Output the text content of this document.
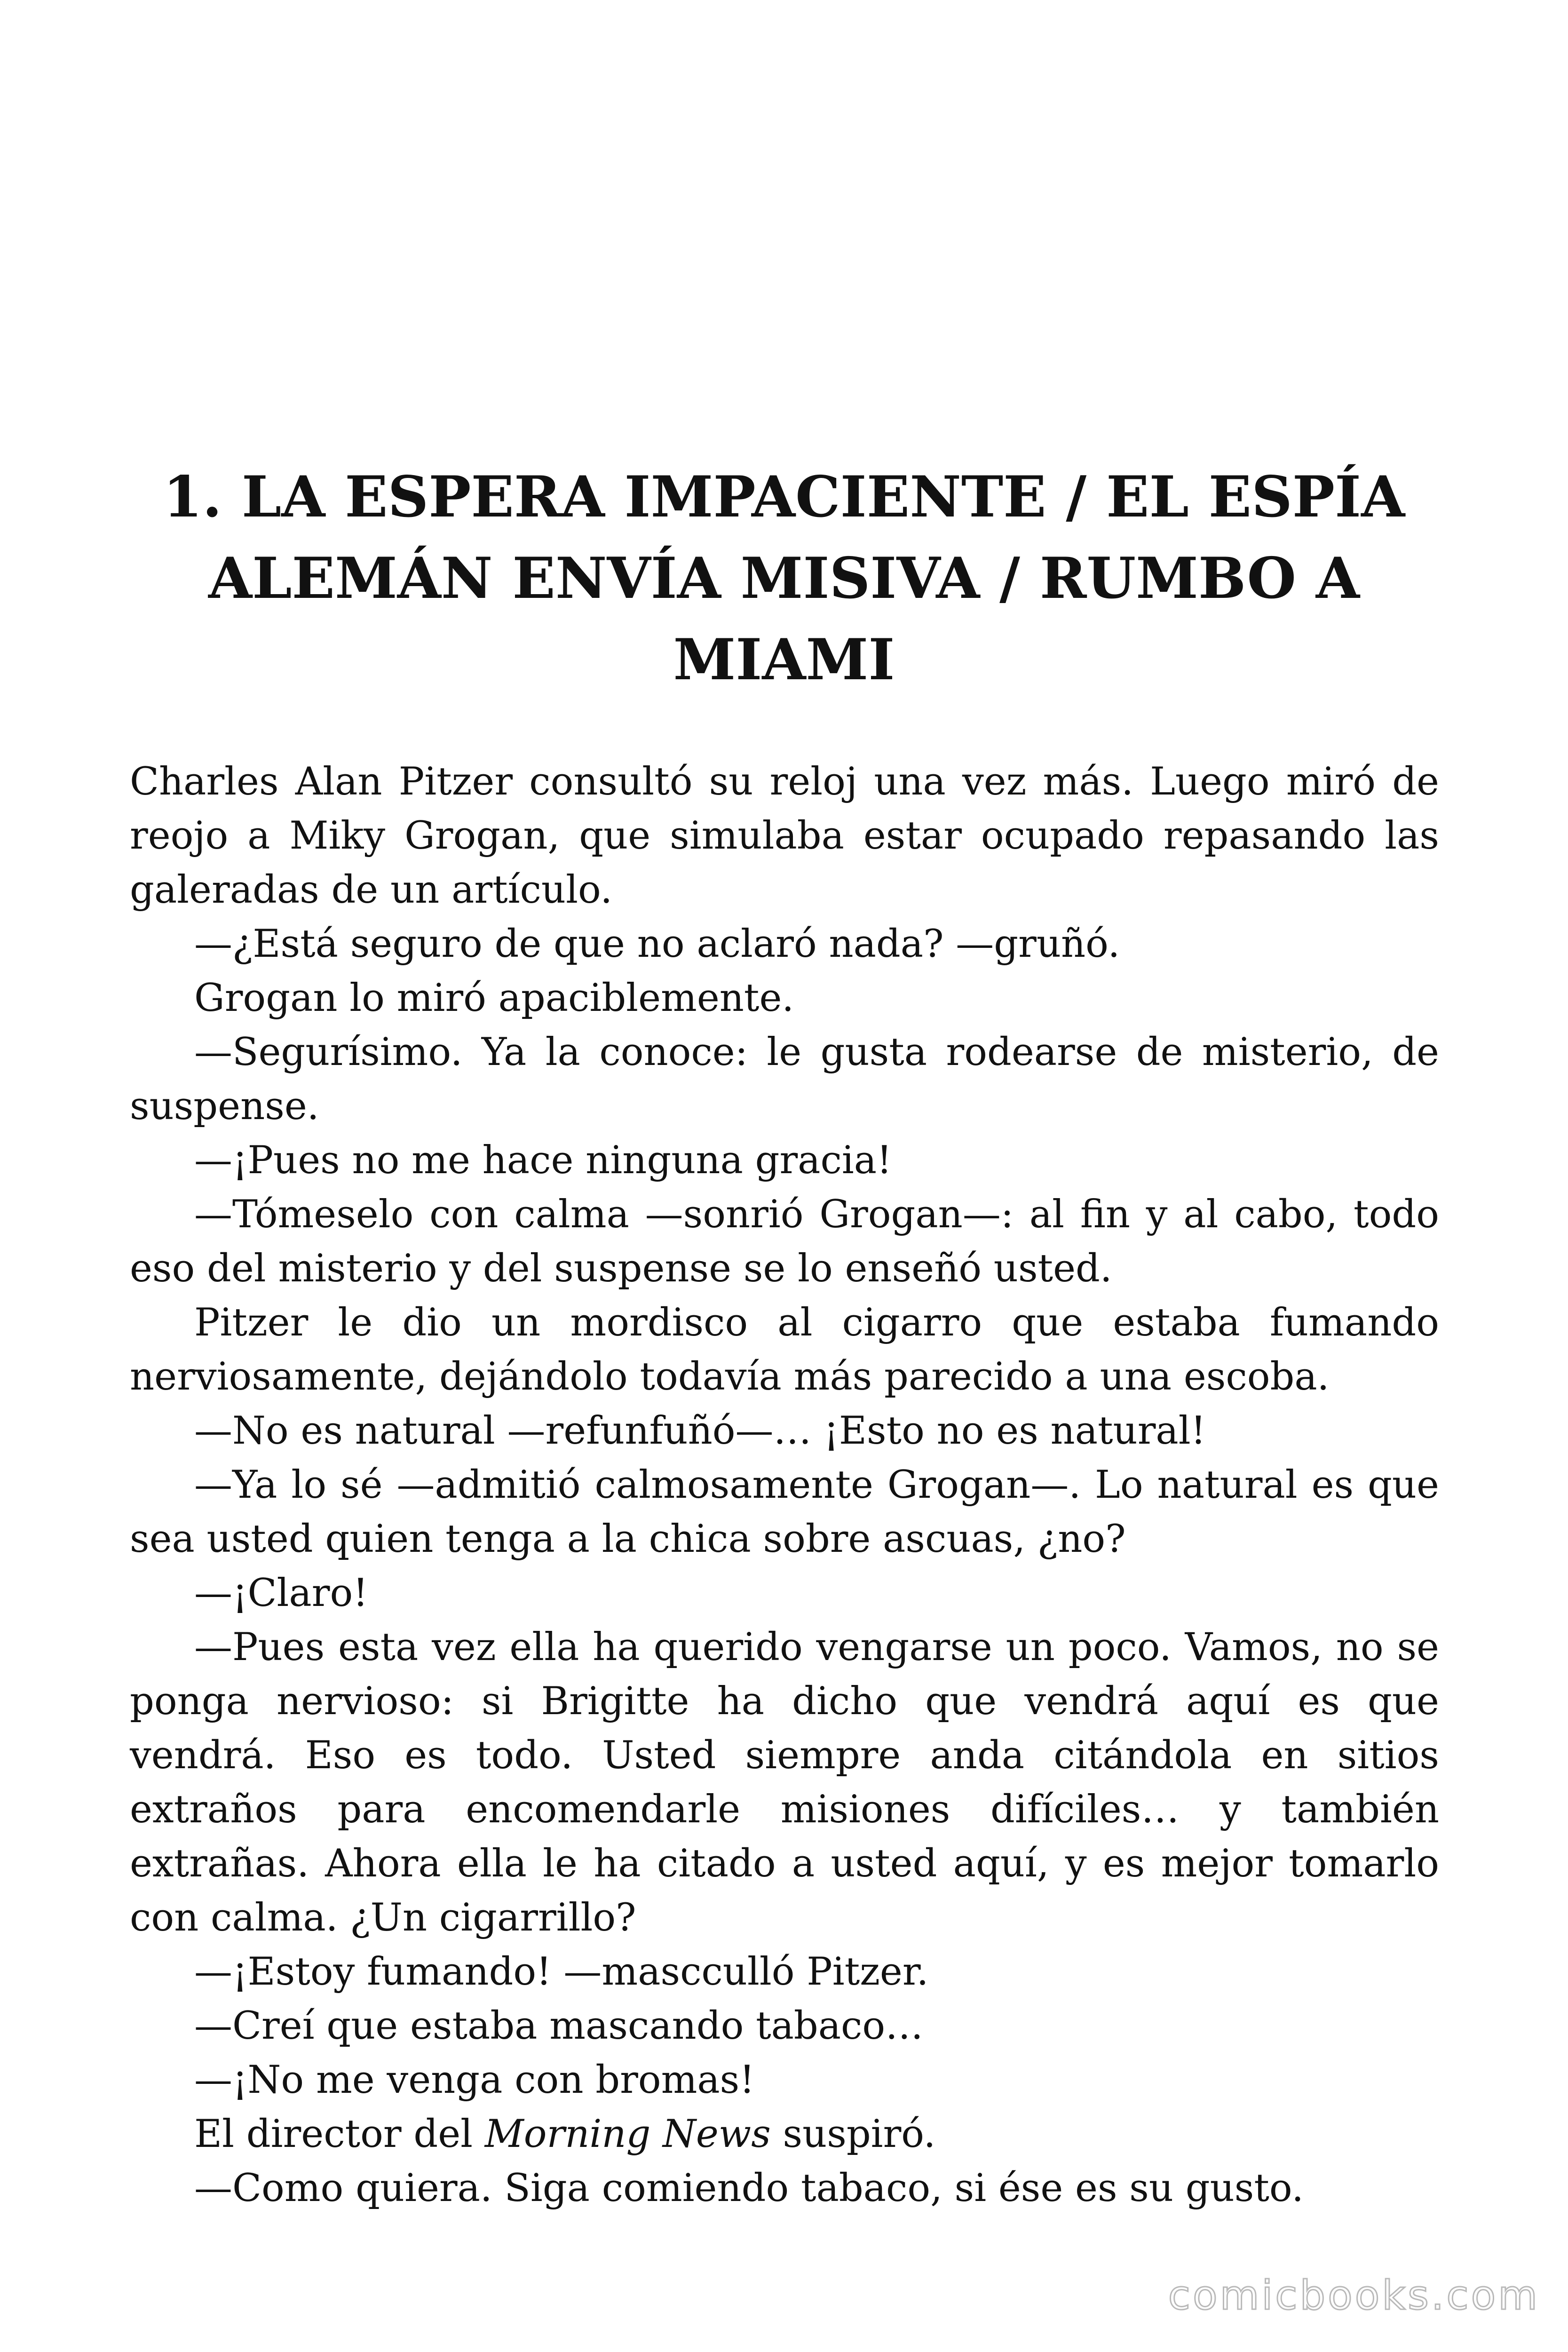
1. LA ESPERA IMPACIENTE / EL ESPÍA
ALEMÁN ENVÍA MISIVA / RUMBO A
MIAMI

Charles Alan Pitzer consultó su reloj una vez más. Luego miró de reojo a Miky Grogan, que simulaba estar ocupado repasando las galeradas de un artículo.

—¿Está seguro de que no aclaró nada? —gruñó.

Grogan lo miró apaciblemente.

—Segurísimo. Ya la conoce: le gusta rodearse de misterio, de suspense.

—¡Pues no me hace ninguna gracia!

—Tómeselo con calma —sonrió Grogan—: al fin y al cabo, todo eso del misterio y del suspense se lo enseñó usted.

Pitzer le dio un mordisco al cigarro que estaba fumando nerviosamente, dejándolo todavía más parecido a una escoba.

—No es natural —refunfuñó—… ¡Esto no es natural!

—Ya lo sé —admitió calmosamente Grogan—. Lo natural es que sea usted quien tenga a la chica sobre ascuas, ¿no?

—¡Claro!

—Pues esta vez ella ha querido vengarse un poco. Vamos, no se ponga nervioso: si Brigitte ha dicho que vendrá aquí es que vendrá. Eso es todo. Usted siempre anda citándola en sitios extraños para encomendarle misiones difíciles… y también extrañas. Ahora ella le ha citado a usted aquí, y es mejor tomarlo con calma. ¿Un cigarrillo?

—¡Estoy fumando! —mascculló Pitzer.

—Creí que estaba mascando tabaco…

—¡No me venga con bromas!

El director del Morning News suspiró.

—Como quiera. Siga comiendo tabaco, si ése es su gusto.

comicbooks.com
